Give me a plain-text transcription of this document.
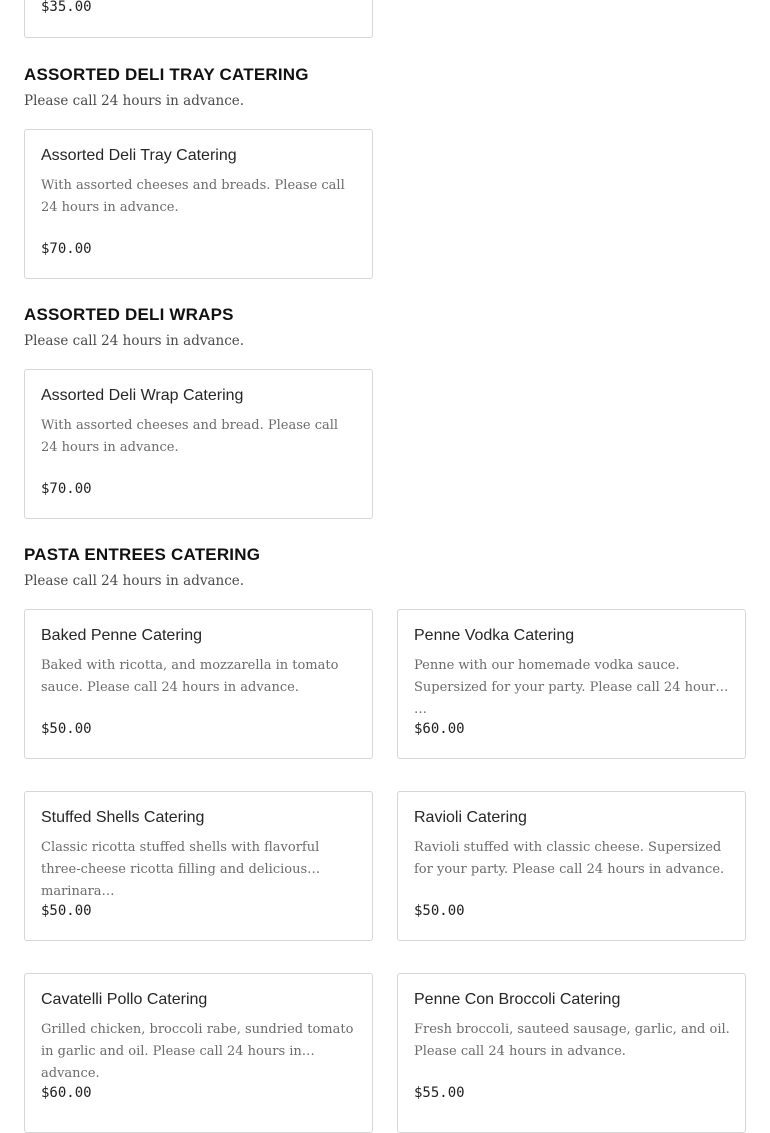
$35.00
ASSORTED DELI TRAY CATERING
Please call 24 hours in advance.
Assorted Deli Tray Catering
With assorted cheeses and breads. Please call 24 hours in advance.
$70.00
ASSORTED DELI WRAPS
Please call 24 hours in advance.
Assorted Deli Wrap Catering
With assorted cheeses and bread. Please call 24 hours in advance.
$70.00
PASTA ENTREES CATERING
Please call 24 hours in advance.
Baked Penne Catering
Baked with ricotta, and mozzarella in tomato sauce. Please call 24 hours in advance.
$50.00
Penne Vodka Catering
Penne with our homemade vodka sauce. Supersized for your party. Please call 24 hours …
$60.00
Stuffed Shells Catering
Classic ricotta stuffed shells with flavorful three-cheese ricotta filling and delicious marinara…
$50.00
Ravioli Catering
Ravioli stuffed with classic cheese. Supersized for your party. Please call 24 hours in advance.
$50.00
Cavatelli Pollo Catering
Grilled chicken, broccoli rabe, sundried tomato in garlic and oil. Please call 24 hours in advance.
$60.00
Penne Con Broccoli Catering
Fresh broccoli, sauteed sausage, garlic, and oil. Please call 24 hours in advance.
$55.00
